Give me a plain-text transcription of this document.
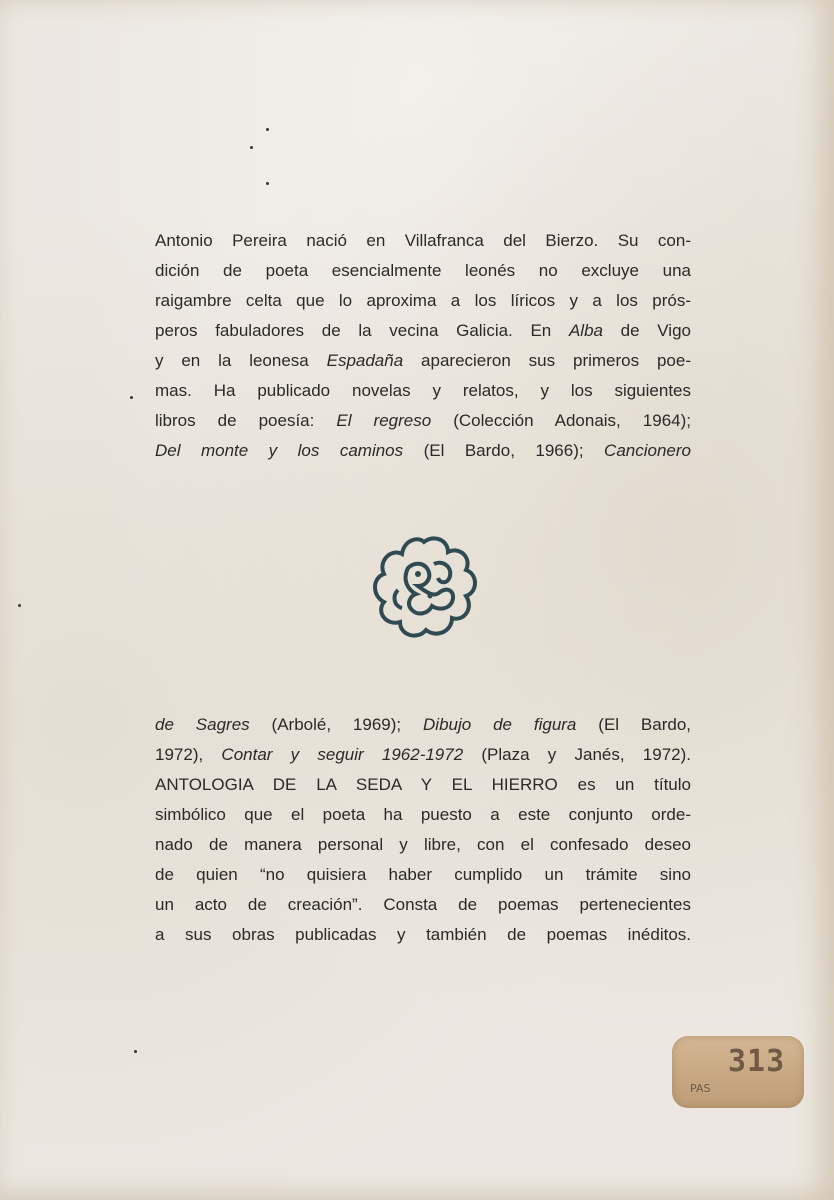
Antonio Pereira nació en Villafranca del Bierzo. Su con-
dición de poeta esencialmente leonés no excluye una
raigambre celta que lo aproxima a los líricos y a los prós-
peros fabuladores de la vecina Galicia. En Alba de Vigo
y en la leonesa Espadaña aparecieron sus primeros poe-
mas. Ha publicado novelas y relatos, y los siguientes
libros de poesía: El regreso (Colección Adonais, 1964);
Del monte y los caminos (El Bardo, 1966); Cancionero
de Sagres (Arbolé, 1969); Dibujo de figura (El Bardo,
1972), Contar y seguir 1962-1972 (Plaza y Janés, 1972).
ANTOLOGIA DE LA SEDA Y EL HIERRO es un título
simbólico que el poeta ha puesto a este conjunto orde-
nado de manera personal y libre, con el confesado deseo
de quien “no quisiera haber cumplido un trámite sino
un acto de creación”. Consta de poemas pertenecientes
a sus obras publicadas y también de poemas inéditos.
313
PAS
